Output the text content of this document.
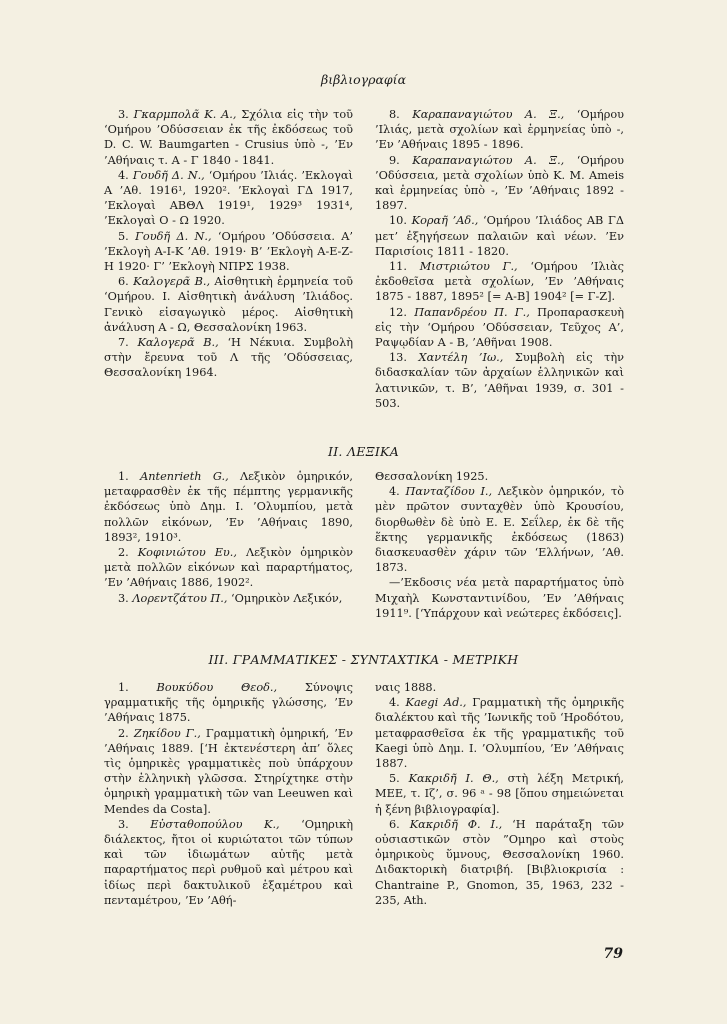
βιβλιογραφία

3. Γκαρμπολᾶ Κ. Α., Σχόλια εἰς τὴν τοῦ ‘Ομήρου ’Οδύσσειαν ἐκ τῆς ἐκδόσεως τοῦ D. C. W. Baumgarten - Crusius ὑπὸ -, ’Εν ’Αθήναις τ. Α - Γ 1840 - 1841.

4. Γουδῆ Δ. Ν., ‘Ομήρου ’Ιλιάς. ’Εκλογαὶ Α ’Αθ. 1916¹, 1920². ’Εκλογαὶ ΓΔ 1917, ’Εκλογαὶ ΑΒΘΛ 1919¹, 1929³ 1931⁴, ’Εκλογαὶ Ο - Ω 1920.

5. Γουδῆ Δ. Ν., ‘Ομήρου ’Οδύσσεια. Α’ ’Εκλογὴ Α-Ι-Κ ’Αθ. 1919· Β’ ’Εκλογὴ Α-Ε-Ζ-Η 1920· Γ’ ’Εκλογὴ ΝΠΡΣ 1938.

6. Καλογερᾶ Β., Αἰσθητικὴ ἑρμηνεία τοῦ ‘Ομήρου. Ι. Αἰσθητικὴ ἀνάλυση ’Ιλιάδος. Γενικὸ εἰσαγωγικὸ μέρος. Αἰσθητικὴ ἀνάλυση Α - Ω, Θεσσαλονίκη 1963.

7. Καλογερᾶ Β., ‘Η Νέκυια. Συμβολὴ στὴν ἔρευνα τοῦ Λ τῆς ’Οδύσσειας, Θεσσαλονίκη 1964.

8. Καραπαναγιώτου Α. Ξ., ‘Ομήρου ’Ιλιάς, μετὰ σχολίων καὶ ἑρμηνείας ὑπὸ -, ’Εν ’Αθήναις 1895 - 1896.

9. Καραπαναγιώτου Α. Ξ., ‘Ομήρου ’Οδύσσεια, μετὰ σχολίων ὑπὸ K. M. Ameis καὶ ἑρμηνείας ὑπὸ -, ’Εν ’Αθήναις 1892 - 1897.

10. Κοραῆ ’Αδ., ‘Ομήρου ’Ιλιάδος ΑΒ ΓΔ μετ’ ἐξηγήσεων παλαιῶν καὶ νέων. ’Εν Παρισίοις 1811 - 1820.

11. Μιστριώτου Γ., ‘Ομήρου ’Ιλιὰς ἐκδοθεῖσα μετὰ σχολίων, ’Εν ’Αθήναις 1875 - 1887, 1895² [= Α-Β] 1904² [= Γ-Ζ].

12. Παπανδρέου Π. Γ., Προπαρασκευὴ εἰς τὴν ‘Ομήρου ’Οδύσσειαν, Τεῦχος Α’, Ραψῳδίαν Α - Β, ’Αθῆναι 1908.

13. Χαντέλη ’Ιω., Συμβολὴ εἰς τὴν διδασκαλίαν τῶν ἀρχαίων ἑλληνικῶν καὶ λατινικῶν, τ. Β’, ’Αθῆναι 1939, σ. 301 - 503.

II. ΛΕΞΙΚΑ

1. Antenrieth G., Λεξικὸν ὁμηρικόν, μεταφρασθὲν ἐκ τῆς πέμπτης γερμανικῆς ἐκδόσεως ὑπὸ Δημ. Ι. ’Ολυμπίου, μετὰ πολλῶν εἰκόνων, ’Εν ’Αθήναις 1890, 1893², 1910³.

2. Κοφινιώτου Ευ., Λεξικὸν ὁμηρικὸν μετὰ πολλῶν εἰκόνων καὶ παραρτήματος, ’Εν ’Αθήναις 1886, 1902².

3. Λορεντζάτου Π., ‘Ομηρικὸν Λεξικόν,

Θεσσαλονίκη 1925.

4. Πανταζίδου Ι., Λεξικὸν ὁμηρικόν, τὸ μὲν πρῶτον συνταχθὲν ὑπὸ Κρουσίου, διορθωθὲν δὲ ὑπὸ Ε. Ε. Σεΐλερ, ἐκ δὲ τῆς ἕκτης γερμανικῆς ἐκδόσεως (1863) διασκευασθὲν χάριν τῶν ‘Ελλήνων, ’Αθ. 1873.

—’Εκδοσις νέα μετὰ παραρτήματος ὑπὸ Μιχαὴλ Κωνσταντινίδου, ’Εν ’Αθήναις 1911⁹. [‘Υπάρχουν καὶ νεώτερες ἐκδόσεις].

III. ΓΡΑΜΜΑΤΙΚΕΣ - ΣΥΝΤΑΧΤΙΚΑ - ΜΕΤΡΙΚΗ

1. Βουκύδου Θεοδ., Σύνοψις γραμματικῆς τῆς ὁμηρικῆς γλώσσης, ’Εν ’Αθήναις 1875.

2. Ζηκίδου Γ., Γραμματικὴ ὁμηρική, ’Εν ’Αθήναις 1889. [‘Η ἐκτενέστερη ἀπ’ ὅλες τὶς ὁμηρικὲς γραμματικὲς ποὺ ὑπάρχουν στὴν ἑλληνικὴ γλῶσσα. Στηρίχτηκε στὴν ὁμηρικὴ γραμματικὴ τῶν van Leeuwen καὶ Mendes da Costa].

3. Εὐσταθοπούλου Κ., ‘Ομηρικὴ διάλεκτος, ἤτοι οἱ κυριώτατοι τῶν τύπων καὶ τῶν ἰδιωμάτων αὐτῆς μετὰ παραρτήματος περὶ ρυθμοῦ καὶ μέτρου καὶ ἰδίως περὶ δακτυλικοῦ ἑξαμέτρου καὶ πενταμέτρου, ’Εν ’Αθή-

ναις 1888.

4. Kaegi Ad., Γραμματικὴ τῆς ὁμηρικῆς διαλέκτου καὶ τῆς ’Ιωνικῆς τοῦ ‘Ηροδότου, μεταφρασθεῖσα ἐκ τῆς γραμματικῆς τοῦ Kaegi ὑπὸ Δημ. Ι. ’Ολυμπίου, ’Εν ’Αθήναις 1887.

5. Κακριδῆ Ι. Θ., στὴ λέξη Μετρική, ΜΕΕ, τ. Ιζ’, σ. 96 ᵃ - 98 [ὅπου σημειώνεται ἡ ξένη βιβλιογραφία].

6. Κακριδῆ Φ. Ι., ‘Η παράταξη τῶν οὐσιαστικῶν στὸν ”Ομηρο καὶ στοὺς ὁμηρικοὺς ὕμνους, Θεσσαλονίκη 1960. Διδακτορικὴ διατριβή. [Βιβλιοκρισία : Chantraine P., Gnomon, 35, 1963, 232 - 235, Ath.

79
